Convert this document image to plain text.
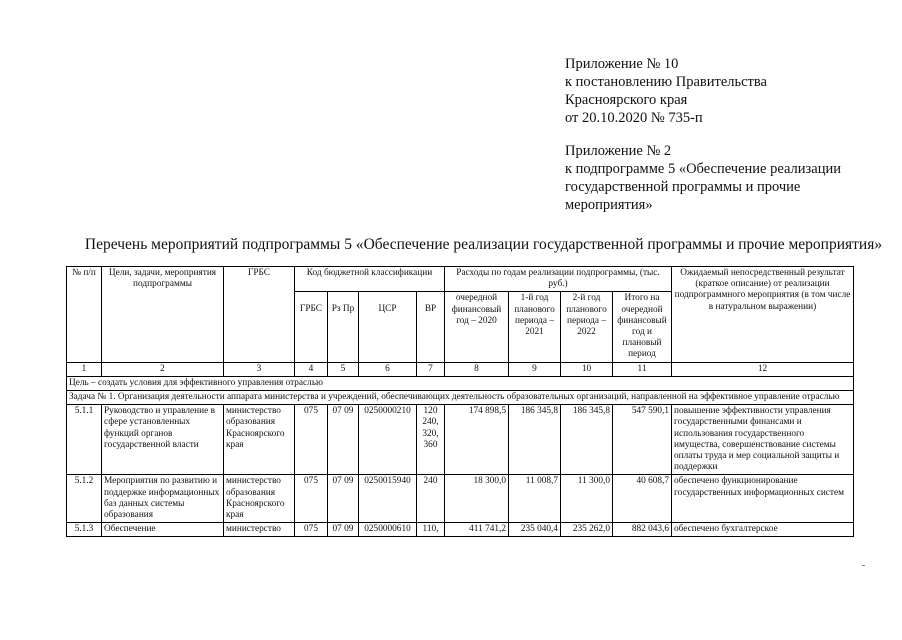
Приложение № 10
к постановлению Правительства
Красноярского края
от 20.10.2020 № 735-п
Приложение № 2
к подпрограмме 5 «Обеспечение реализации
государственной программы и прочие
мероприятия»
Перечень мероприятий подпрограммы 5 «Обеспечение реализации государственной программы и прочие мероприятия»
№ п/п	Цели, задачи, мероприятия подпрограммы	ГРБС	Код бюджетной классификации				Расходы по годам реализации подпрограммы, (тыс. руб.)				Ожидаемый непосредственный результат (краткое описание) от реализации подпрограммного мероприятия (в том числе в натуральном выражении)
			ГРБС	Рз Пр	ЦСР	ВР	очередной финансовый год – 2020	1-й год планового периода – 2021	2-й год планового периода – 2022	Итого на очередной финансовый год и плановый период	

1	2	3	4	5	6	7	8	9	10	11	12
Цель – создать условия для эффективного управления отраслью											
Задача № 1. Организация деятельности аппарата министерства и учреждений, обеспечивающих деятельность образовательных организаций, направленной на эффективное управление отраслью											
5.1.1	Руководство и управление в сфере установленных функций органов государственной власти	министерство образования Красноярского края	075	07 09	0250000210	120 240, 320, 360	174 898,5	186 345,8	186 345,8	547 590,1	повышение эффективности управления государственными финансами и использования государственного имущества, совершенствование системы оплаты труда и мер социальной защиты и поддержки
5.1.2	Мероприятия по развитию и поддержке информационных баз данных системы образования	министерство образования Красноярского края	075	07 09	0250015940	240	18 300,0	11 008,7	11 300,0	40 608,7	обеспечено функционирование государственных информационных систем
5.1.3	Обеспечение	министерство	075	07 09	0250000610	110,	411 741,2	235 040,4	235 262,0	882 043,6	обеспечено бухгалтерское
-
